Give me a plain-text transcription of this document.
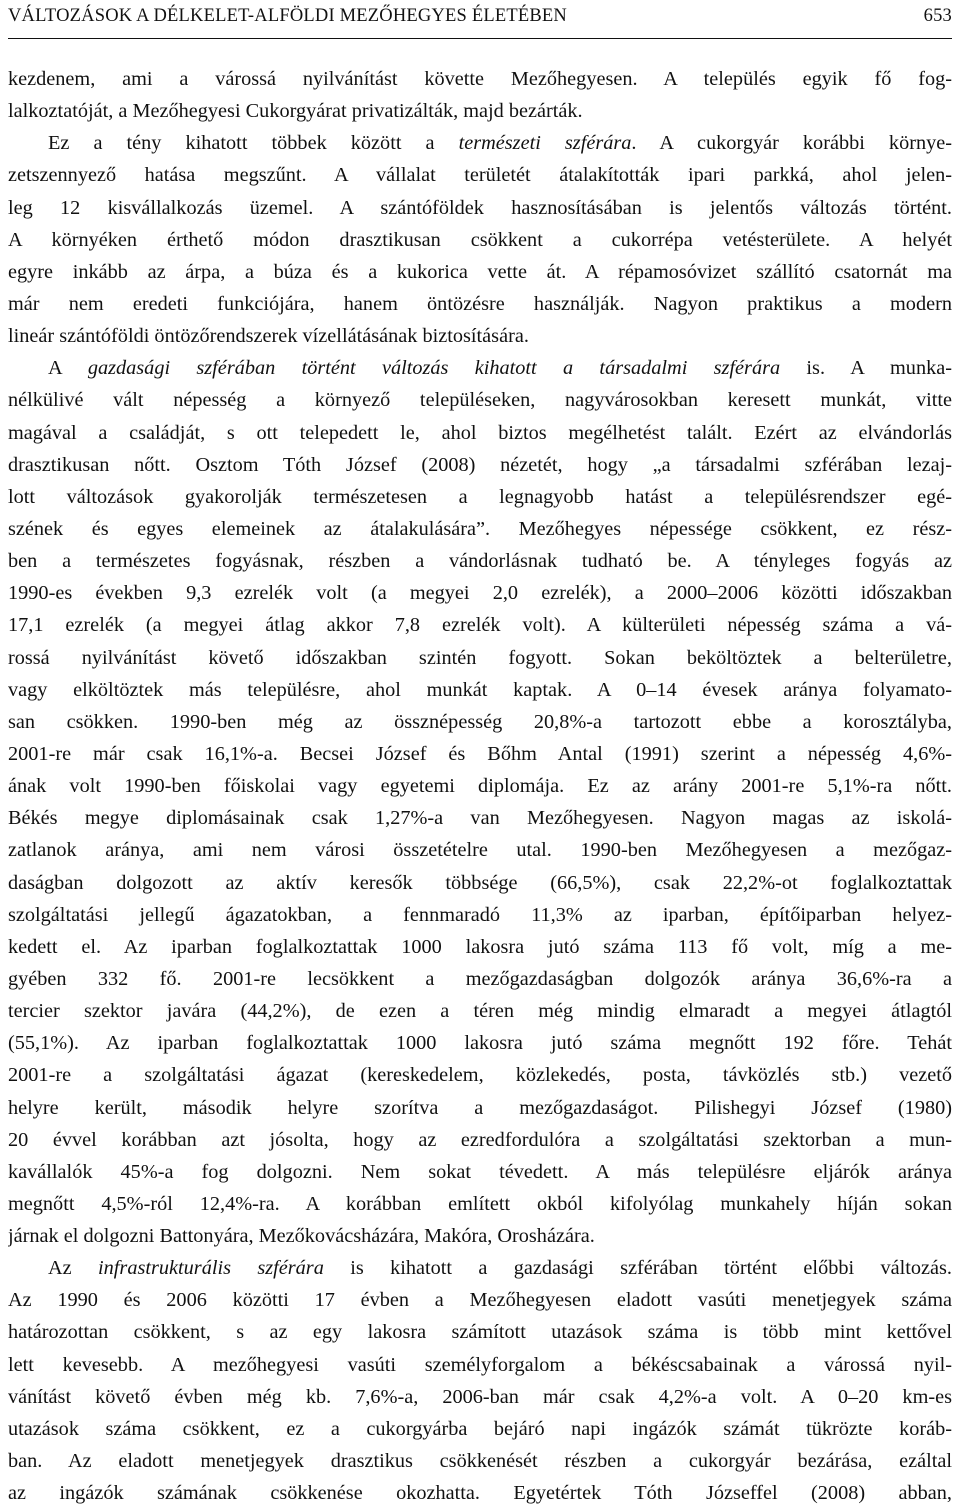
VÁLTOZÁSOK A DÉLKELET-ALFÖLDI MEZŐHEGYES ÉLETÉBEN	653
kezdenem, ami a várossá nyilvánítást követte Mezőhegyesen. A település egyik fő fog-
lalkoztatóját, a Mezőhegyesi Cukorgyárat privatizálták, majd bezárták.
Ez a tény kihatott többek között a természeti szférára. A cukorgyár korábbi környe-
zetszennyező hatása megszűnt. A vállalat területét átalakították ipari parkká, ahol jelen-
leg 12 kisvállalkozás üzemel. A szántóföldek hasznosításában is jelentős változás történt.
A környéken érthető módon drasztikusan csökkent a cukorrépa vetésterülete. A helyét
egyre inkább az árpa, a búza és a kukorica vette át. A répamosóvizet szállító csatornát ma
már nem eredeti funkciójára, hanem öntözésre használják. Nagyon praktikus a modern
lineár szántóföldi öntözőrendszerek vízellátásának biztosítására.
A gazdasági szférában történt változás kihatott a társadalmi szférára is. A munka-
nélkülivé vált népesség a környező településeken, nagyvárosokban keresett munkát, vitte
magával a családját, s ott telepedett le, ahol biztos megélhetést talált. Ezért az elvándorlás
drasztikusan nőtt. Osztom Tóth József (2008) nézetét, hogy „a társadalmi szférában lezaj-
lott változások gyakorolják természetesen a legnagyobb hatást a településrendszer egé-
szének és egyes elemeinek az átalakulására”. Mezőhegyes népessége csökkent, ez rész-
ben a természetes fogyásnak, részben a vándorlásnak tudható be. A tényleges fogyás az
1990-es években 9,3 ezrelék volt (a megyei 2,0 ezrelék), a 2000–2006 közötti időszakban
17,1 ezrelék (a megyei átlag akkor 7,8 ezrelék volt). A külterületi népesség száma a vá-
rossá nyilvánítást követő időszakban szintén fogyott. Sokan beköltöztek a belterületre,
vagy elköltöztek más településre, ahol munkát kaptak. A 0–14 évesek aránya folyamato-
san csökken. 1990-ben még az össznépesség 20,8%-a tartozott ebbe a korosztályba,
2001-re már csak 16,1%-a. Becsei József és Bőhm Antal (1991) szerint a népesség 4,6%-
ának volt 1990-ben főiskolai vagy egyetemi diplomája. Ez az arány 2001-re 5,1%-ra nőtt.
Békés megye diplomásainak csak 1,27%-a van Mezőhegyesen. Nagyon magas az iskolá-
zatlanok aránya, ami nem városi összetételre utal. 1990-ben Mezőhegyesen a mezőgaz-
daságban dolgozott az aktív keresők többsége (66,5%), csak 22,2%-ot foglalkoztattak
szolgáltatási jellegű ágazatokban, a fennmaradó 11,3% az iparban, építőiparban helyez-
kedett el. Az iparban foglalkoztattak 1000 lakosra jutó száma 113 fő volt, míg a me-
gyében 332 fő. 2001-re lecsökkent a mezőgazdaságban dolgozók aránya 36,6%-ra a
tercier szektor javára (44,2%), de ezen a téren még mindig elmaradt a megyei átlagtól
(55,1%). Az iparban foglalkoztattak 1000 lakosra jutó száma megnőtt 192 főre. Tehát
2001-re a szolgáltatási ágazat (kereskedelem, közlekedés, posta, távközlés stb.) vezető
helyre került, második helyre szorítva a mezőgazdaságot. Pilishegyi József (1980)
20 évvel korábban azt jósolta, hogy az ezredfordulóra a szolgáltatási szektorban a mun-
kavállalók 45%-a fog dolgozni. Nem sokat tévedett. A más településre eljárók aránya
megnőtt 4,5%-ról 12,4%-ra. A korábban említett okból kifolyólag munkahely híján sokan
járnak el dolgozni Battonyára, Mezőkovácsházára, Makóra, Orosházára.
Az infrastrukturális szférára is kihatott a gazdasági szférában történt előbbi változás.
Az 1990 és 2006 közötti 17 évben a Mezőhegyesen eladott vasúti menetjegyek száma
határozottan csökkent, s az egy lakosra számított utazások száma is több mint kettővel
lett kevesebb. A mezőhegyesi vasúti személyforgalom a békéscsabainak a várossá nyil-
vánítást követő évben még kb. 7,6%-a, 2006-ban már csak 4,2%-a volt. A 0–20 km-es
utazások száma csökkent, ez a cukorgyárba bejáró napi ingázók számát tükrözte koráb-
ban. Az eladott menetjegyek drasztikus csökkenését részben a cukorgyár bezárása, ezáltal
az ingázók számának csökkenése okozhatta. Egyetértek Tóth Józseffel (2008) abban,
